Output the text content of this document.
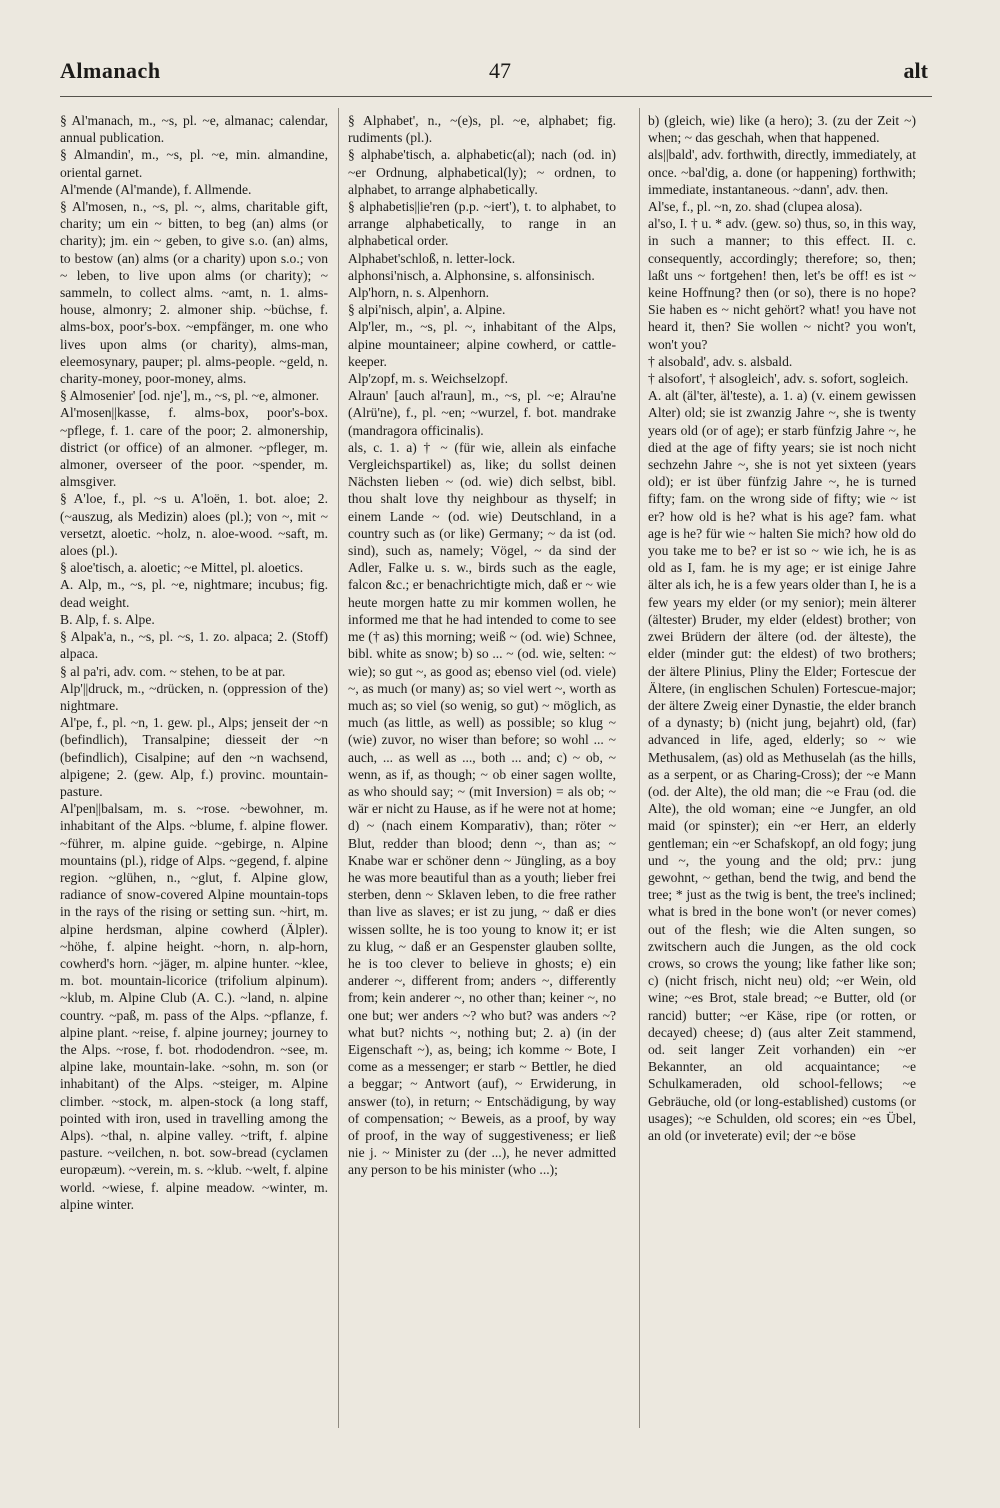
Almanach	47	alt

§ Al'manach, m., ~s, pl. ~e, almanac; calendar, annual publication.

§ Almandin', m., ~s, pl. ~e, min. almandine, oriental garnet.

Al'mende (Al'mande), f. Allmende.

§ Al'mosen, n., ~s, pl. ~, alms, charitable gift, charity; um ein ~ bitten, to beg (an) alms (or charity); jm. ein ~ geben, to give s.o. (an) alms, to bestow (an) alms (or a charity) upon s.o.; von ~ leben, to live upon alms (or charity); ~ sammeln, to collect alms. ~amt, n. 1. alms-house, almonry; 2. almoner ship. ~büchse, f. alms-box, poor's-box. ~empfänger, m. one who lives upon alms (or charity), alms-man, eleemosynary, pauper; pl. alms-people. ~geld, n. charity-money, poor-money, alms.

§ Almosenier' [od. nje'], m., ~s, pl. ~e, almoner.

Al'mosen||kasse, f. alms-box, poor's-box. ~pflege, f. 1. care of the poor; 2. almonership, district (or office) of an almoner. ~pfleger, m. almoner, overseer of the poor. ~spender, m. almsgiver.

§ A'loe, f., pl. ~s u. A'loën, 1. bot. aloe; 2. (~auszug, als Medizin) aloes (pl.); von ~, mit ~ versetzt, aloetic. ~holz, n. aloe-wood. ~saft, m. aloes (pl.).

§ aloe'tisch, a. aloetic; ~e Mittel, pl. aloetics.

A. Alp, m., ~s, pl. ~e, nightmare; incubus; fig. dead weight.

B. Alp, f. s. Alpe.

§ Alpak'a, n., ~s, pl. ~s, 1. zo. alpaca; 2. (Stoff) alpaca.

§ al pa'ri, adv. com. ~ stehen, to be at par.

Alp'||druck, m., ~drücken, n. (oppression of the) nightmare.

Al'pe, f., pl. ~n, 1. gew. pl., Alps; jenseit der ~n (befindlich), Transalpine; diesseit der ~n (befindlich), Cisalpine; auf den ~n wachsend, alpigene; 2. (gew. Alp, f.) provinc. mountain-pasture.

Al'pen||balsam, m. s. ~rose. ~bewohner, m. inhabitant of the Alps. ~blume, f. alpine flower. ~führer, m. alpine guide. ~gebirge, n. Alpine mountains (pl.), ridge of Alps. ~gegend, f. alpine region. ~glühen, n., ~glut, f. Alpine glow, radiance of snow-covered Alpine mountain-tops in the rays of the rising or setting sun. ~hirt, m. alpine herdsman, alpine cowherd (Älpler). ~höhe, f. alpine height. ~horn, n. alp-horn, cowherd's horn. ~jäger, m. alpine hunter. ~klee, m. bot. mountain-licorice (trifolium alpinum). ~klub, m. Alpine Club (A. C.). ~land, n. alpine country. ~paß, m. pass of the Alps. ~pflanze, f. alpine plant. ~reise, f. alpine journey; journey to the Alps. ~rose, f. bot. rhododendron. ~see, m. alpine lake, mountain-lake. ~sohn, m. son (or inhabitant) of the Alps. ~steiger, m. Alpine climber. ~stock, m. alpen-stock (a long staff, pointed with iron, used in travelling among the Alps). ~thal, n. alpine valley. ~trift, f. alpine pasture. ~veilchen, n. bot. sow-bread (cyclamen europæum). ~verein, m. s. ~klub. ~welt, f. alpine world. ~wiese, f. alpine meadow. ~winter, m. alpine winter.

§ Alphabet', n., ~(e)s, pl. ~e, alphabet; fig. rudiments (pl.).

§ alphabe'tisch, a. alphabetic(al); nach (od. in) ~er Ordnung, alphabetical(ly); ~ ordnen, to alphabet, to arrange alphabetically.

§ alphabetis||ie'ren (p.p. ~iert'), t. to alphabet, to arrange alphabetically, to range in an alphabetical order.

Alphabet'schloß, n. letter-lock.

alphonsi'nisch, a. Alphonsine, s. alfonsinisch.

Alp'horn, n. s. Alpenhorn.

§ alpi'nisch, alpin', a. Alpine.

Alp'ler, m., ~s, pl. ~, inhabitant of the Alps, alpine mountaineer; alpine cowherd, or cattle-keeper.

Alp'zopf, m. s. Weichselzopf.

Alraun' [auch al'raun], m., ~s, pl. ~e; Alrau'ne (Alrü'ne), f., pl. ~en; ~wurzel, f. bot. mandrake (mandragora officinalis).

als, c. 1. a) † ~ (für wie, allein als einfache Vergleichspartikel) as, like; du sollst deinen Nächsten lieben ~ (od. wie) dich selbst, bibl. thou shalt love thy neighbour as thyself; in einem Lande ~ (od. wie) Deutschland, in a country such as (or like) Germany; ~ da ist (od. sind), such as, namely; Vögel, ~ da sind der Adler, Falke u. s. w., birds such as the eagle, falcon &c.; er benachrichtigte mich, daß er ~ wie heute morgen hatte zu mir kommen wollen, he informed me that he had intended to come to see me († as) this morning; weiß ~ (od. wie) Schnee, bibl. white as snow; b) so ... ~ (od. wie, selten: ~ wie); so gut ~, as good as; ebenso viel (od. viele) ~, as much (or many) as; so viel wert ~, worth as much as; so viel (so wenig, so gut) ~ möglich, as much (as little, as well) as possible; so klug ~ (wie) zuvor, no wiser than before; so wohl ... ~ auch, ... as well as ..., both ... and; c) ~ ob, ~ wenn, as if, as though; ~ ob einer sagen wollte, as who should say; ~ (mit Inversion) = als ob; ~ wär er nicht zu Hause, as if he were not at home; d) ~ (nach einem Komparativ), than; röter ~ Blut, redder than blood; denn ~, than as; ~ Knabe war er schöner denn ~ Jüngling, as a boy he was more beautiful than as a youth; lieber frei sterben, denn ~ Sklaven leben, to die free rather than live as slaves; er ist zu jung, ~ daß er dies wissen sollte, he is too young to know it; er ist zu klug, ~ daß er an Gespenster glauben sollte, he is too clever to believe in ghosts; e) ein anderer ~, different from; anders ~, differently from; kein anderer ~, no other than; keiner ~, no one but; wer anders ~? who but? was anders ~? what but? nichts ~, nothing but; 2. a) (in der Eigenschaft ~), as, being; ich komme ~ Bote, I come as a messenger; er starb ~ Bettler, he died a beggar; ~ Antwort (auf), ~ Erwiderung, in answer (to), in return; ~ Entschädigung, by way of compensation; ~ Beweis, as a proof, by way of proof, in the way of suggestiveness; er ließ nie j. ~ Minister zu (der ...), he never admitted any person to be his minister (who ...);

b) (gleich, wie) like (a hero); 3. (zu der Zeit ~) when; ~ das geschah, when that happened.

als||bald', adv. forthwith, directly, immediately, at once. ~bal'dig, a. done (or happening) forthwith; immediate, instantaneous. ~dann', adv. then.

Al'se, f., pl. ~n, zo. shad (clupea alosa).

al'so, I. † u. * adv. (gew. so) thus, so, in this way, in such a manner; to this effect. II. c. consequently, accordingly; therefore; so, then; laßt uns ~ fortgehen! then, let's be off! es ist ~ keine Hoffnung? then (or so), there is no hope? Sie haben es ~ nicht gehört? what! you have not heard it, then? Sie wollen ~ nicht? you won't, won't you?

† alsobald', adv. s. alsbald.

† alsofort', † alsogleich', adv. s. sofort, sogleich.

A. alt (äl'ter, äl'teste), a. 1. a) (v. einem gewissen Alter) old; sie ist zwanzig Jahre ~, she is twenty years old (or of age); er starb fünfzig Jahre ~, he died at the age of fifty years; sie ist noch nicht sechzehn Jahre ~, she is not yet sixteen (years old); er ist über fünfzig Jahre ~, he is turned fifty; fam. on the wrong side of fifty; wie ~ ist er? how old is he? what is his age? fam. what age is he? für wie ~ halten Sie mich? how old do you take me to be? er ist so ~ wie ich, he is as old as I, fam. he is my age; er ist einige Jahre älter als ich, he is a few years older than I, he is a few years my elder (or my senior); mein älterer (ältester) Bruder, my elder (eldest) brother; von zwei Brüdern der ältere (od. der älteste), the elder (minder gut: the eldest) of two brothers; der ältere Plinius, Pliny the Elder; Fortescue der Ältere, (in englischen Schulen) Fortescue-major; der ältere Zweig einer Dynastie, the elder branch of a dynasty; b) (nicht jung, bejahrt) old, (far) advanced in life, aged, elderly; so ~ wie Methusalem, (as) old as Methuselah (as the hills, as a serpent, or as Charing-Cross); der ~e Mann (od. der Alte), the old man; die ~e Frau (od. die Alte), the old woman; eine ~e Jungfer, an old maid (or spinster); ein ~er Herr, an elderly gentleman; ein ~er Schafskopf, an old fogy; jung und ~, the young and the old; prv.: jung gewohnt, ~ gethan, bend the twig, and bend the tree; * just as the twig is bent, the tree's inclined; what is bred in the bone won't (or never comes) out of the flesh; wie die Alten sungen, so zwitschern auch die Jungen, as the old cock crows, so crows the young; like father like son; c) (nicht frisch, nicht neu) old; ~er Wein, old wine; ~es Brot, stale bread; ~e Butter, old (or rancid) butter; ~er Käse, ripe (or rotten, or decayed) cheese; d) (aus alter Zeit stammend, od. seit langer Zeit vorhanden) ein ~er Bekannter, an old acquaintance; ~e Schulkameraden, old school-fellows; ~e Gebräuche, old (or long-established) customs (or usages); ~e Schulden, old scores; ein ~es Übel, an old (or inveterate) evil; der ~e böse
